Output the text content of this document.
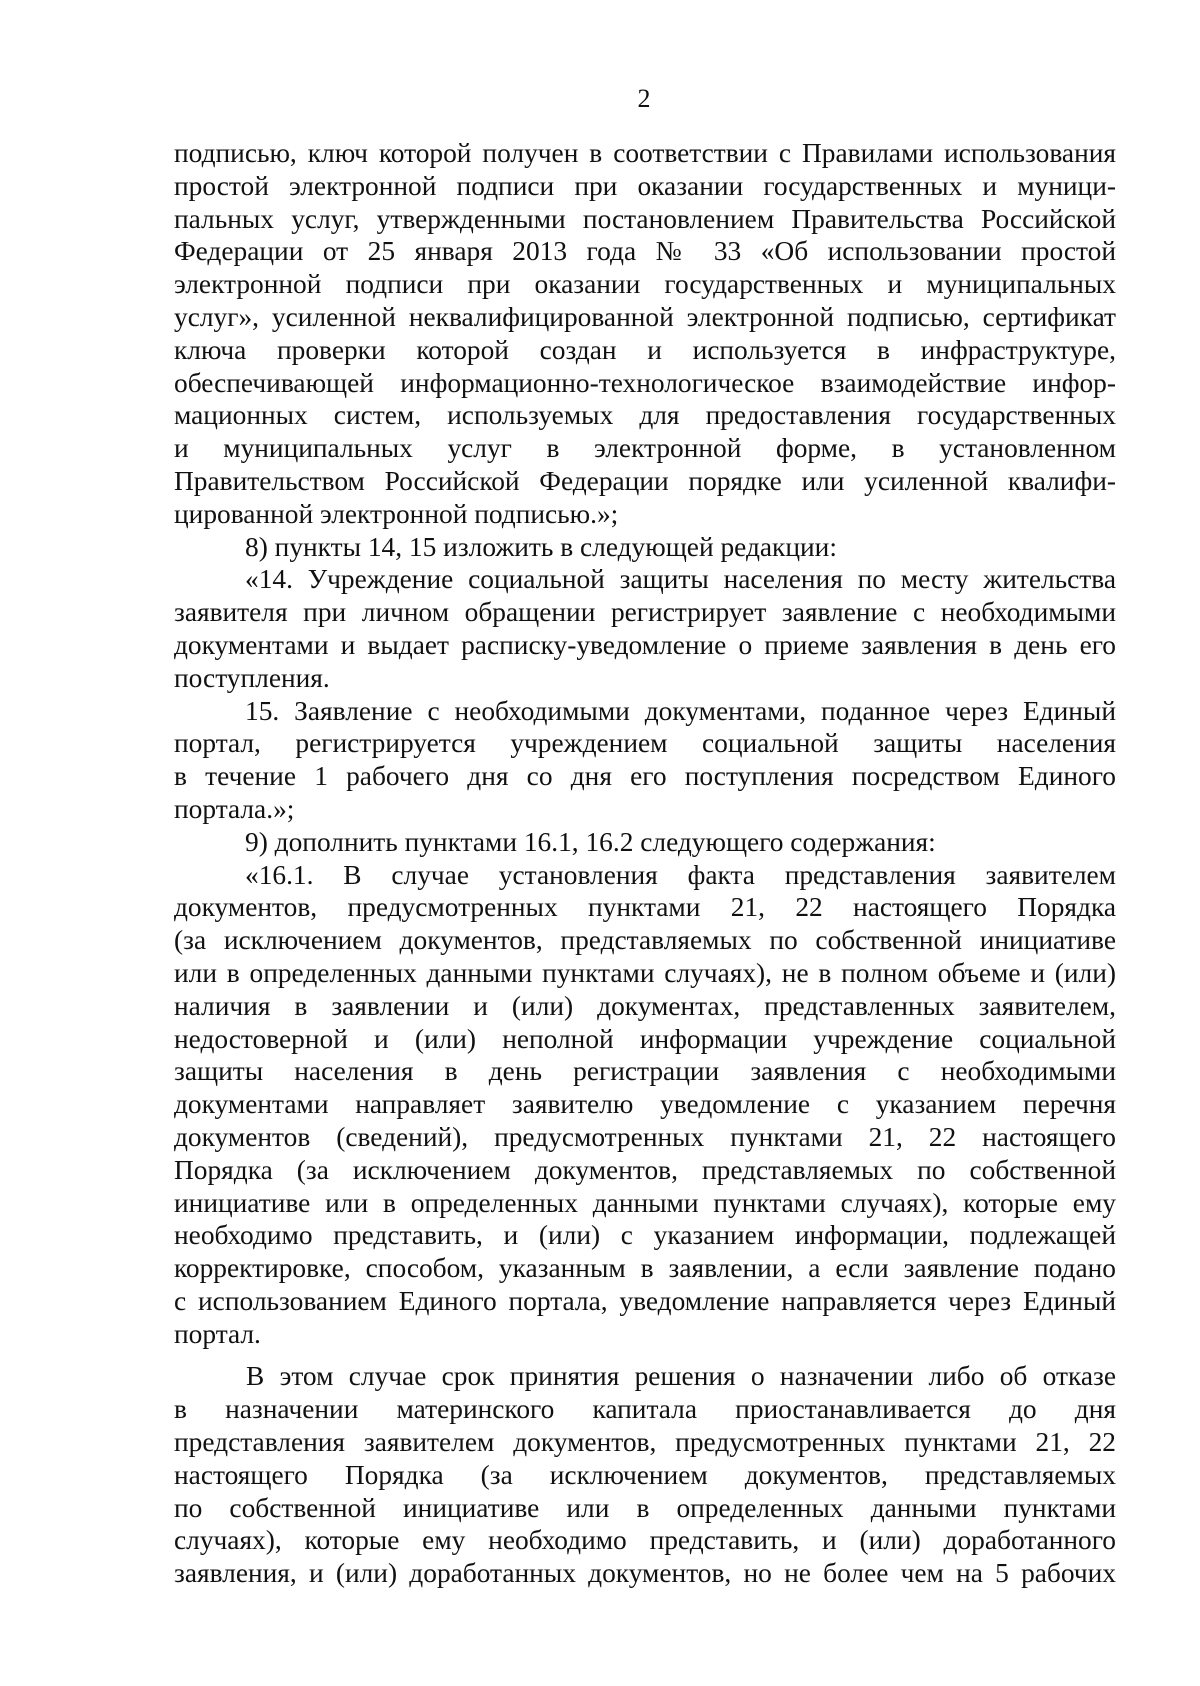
2
подписью, ключ которой получен в соответствии с Правилами использования
простой электронной подписи при оказании государственных и муници-
пальных услуг, утвержденными постановлением Правительства Российской
Федерации от 25 января 2013 года № 33 «Об использовании простой
электронной подписи при оказании государственных и муниципальных
услуг», усиленной неквалифицированной электронной подписью, сертификат
ключа проверки которой создан и используется в инфраструктуре,
обеспечивающей информационно-технологическое взаимодействие инфор-
мационных систем, используемых для предоставления государственных
и муниципальных услуг в электронной форме, в установленном
Правительством Российской Федерации порядке или усиленной квалифи-
цированной электронной подписью.»;
8) пункты 14, 15 изложить в следующей редакции:
«14. Учреждение социальной защиты населения по месту жительства
заявителя при личном обращении регистрирует заявление с необходимыми
документами и выдает расписку-уведомление о приеме заявления в день его
поступления.
15. Заявление с необходимыми документами, поданное через Единый
портал, регистрируется учреждением социальной защиты населения
в течение 1 рабочего дня со дня его поступления посредством Единого
портала.»;
9) дополнить пунктами 16.1, 16.2 следующего содержания:
«16.1. В случае установления факта представления заявителем
документов, предусмотренных пунктами 21, 22 настоящего Порядка
(за исключением документов, представляемых по собственной инициативе
или в определенных данными пунктами случаях), не в полном объеме и (или)
наличия в заявлении и (или) документах, представленных заявителем,
недостоверной и (или) неполной информации учреждение социальной
защиты населения в день регистрации заявления с необходимыми
документами направляет заявителю уведомление с указанием перечня
документов (сведений), предусмотренных пунктами 21, 22 настоящего
Порядка (за исключением документов, представляемых по собственной
инициативе или в определенных данными пунктами случаях), которые ему
необходимо представить, и (или) с указанием информации, подлежащей
корректировке, способом, указанным в заявлении, а если заявление подано
с использованием Единого портала, уведомление направляется через Единый
портал.
В этом случае срок принятия решения о назначении либо об отказе
в назначении материнского капитала приостанавливается до дня
представления заявителем документов, предусмотренных пунктами 21, 22
настоящего Порядка (за исключением документов, представляемых
по собственной инициативе или в определенных данными пунктами
случаях), которые ему необходимо представить, и (или) доработанного
заявления, и (или) доработанных документов, но не более чем на 5 рабочих
